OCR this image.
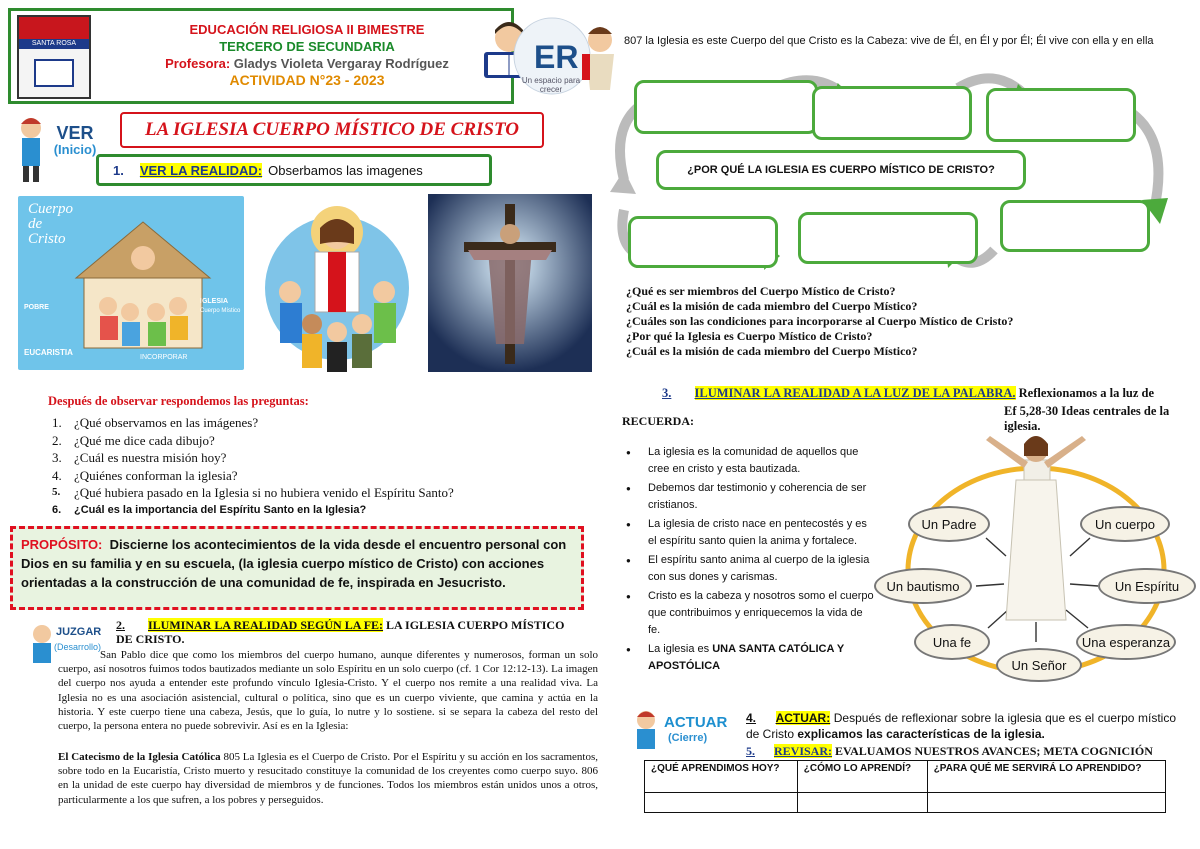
SANTA ROSA
EDUCACIÓN RELIGIOSA II BIMESTRE
TERCERO DE SECUNDARIA
Profesora: Gladys Violeta Vergaray Rodríguez
ACTIVIDAD N°23 - 2023
ER
Un espacio para crecer
VER
(Inicio)
LA IGLESIA CUERPO MÍSTICO DE CRISTO
1. VER LA REALIDAD: Obserbamos las imagenes
Cuerpo
de
Cristo
POBRE
IGLESIA
Cuerpo Místico
EUCARISTIA
INCORPORAR
Después de observar respondemos las preguntas:
1. ¿Qué observamos en las imágenes?
2. ¿Qué me dice cada dibujo?
3. ¿Cuál es nuestra misión hoy?
4. ¿Quiénes conforman la iglesia?
5.	¿Qué hubiera pasado en la Iglesia si no hubiera venido el Espíritu Santo?
6.	¿Cuál es la importancia del Espíritu Santo en la Iglesia?
PROPÓSITO: Discierne los acontecimientos de la vida desde el encuentro personal con Dios en su familia y en su escuela, (la iglesia cuerpo místico de Cristo) con acciones orientadas a la construcción de una comunidad de fe, inspirada en Jesucristo.
JUZGAR
(Desarrollo)
2. ILUMINAR LA REALIDAD SEGÚN LA FE: LA IGLESIA CUERPO MÍSTICO
DE CRISTO.
San Pablo dice que como los miembros del cuerpo humano, aunque diferentes y numerosos, forman un solo cuerpo, así nosotros fuimos todos bautizados mediante un solo Espíritu en un solo cuerpo (cf. 1 Cor 12:12-13). La imagen del cuerpo nos ayuda a entender este profundo vínculo Iglesia-Cristo. Y el cuerpo nos remite a una realidad viva. La Iglesia no es una asociación asistencial, cultural o política, sino que es un cuerpo viviente, que camina y actúa en la historia. Y este cuerpo tiene una cabeza, Jesús, que lo guía, lo nutre y lo sostiene. si se separa la cabeza del resto del cuerpo, la persona entera no puede sobrevivir. Así es en la Iglesia:
El Catecismo de la Iglesia Católica 805 La Iglesia es el Cuerpo de Cristo. Por el Espíritu y su acción en los sacramentos, sobre todo en la Eucaristía, Cristo muerto y resucitado constituye la comunidad de los creyentes como cuerpo suyo. 806 en la unidad de este cuerpo hay diversidad de miembros y de funciones. Todos los miembros están unidos unos a otros, particularmente a los que sufren, a los pobres y perseguidos.
807 la Iglesia es este Cuerpo del que Cristo es la Cabeza: vive de Él, en Él y por Él; Él vive con ella y en ella
¿POR QUÉ LA IGLESIA ES CUERPO MÍSTICO DE CRISTO?
¿Qué es ser miembros del Cuerpo Místico de Cristo?
¿Cuál es la misión de cada miembro del Cuerpo Místico?
¿Cuáles son las condiciones para incorporarse al Cuerpo Místico de Cristo?
¿Por qué la Iglesia es Cuerpo Místico de Cristo?
¿Cuál es la misión de cada miembro del Cuerpo Místico?
3. ILUMINAR LA REALIDAD A LA LUZ DE LA PALABRA. Reflexionamos a la luz de
Ef 5,28-30 Ideas centrales de la iglesia.
RECUERDA:
● La iglesia es la comunidad de aquellos que cree en cristo y esta bautizada.
● Debemos dar testimonio y coherencia de ser cristianos.
● La iglesia de cristo nace en pentecostés y es el espíritu santo quien la anima y fortalece.
● El espíritu santo anima al cuerpo de la iglesia con sus dones y carismas.
● Cristo es la cabeza y nosotros somo el cuerpo que contribuimos y enriquecemos la vida de fe.
● La iglesia es UNA SANTA CATÓLICA Y APOSTÓLICA
Un Padre	Un cuerpo
Un bautismo	Un Espíritu
Una fe	Una esperanza
Un Señor
ACTUAR
(Cierre)
4. ACTUAR: Después de reflexionar sobre la iglesia que es el cuerpo místico de Cristo explicamos las características de la iglesia.
5. REVISAR: EVALUAMOS NUESTROS AVANCES; META COGNICIÓN
¿QUÉ APRENDIMOS HOY?	¿CÓMO LO APRENDÍ?	¿PARA QUÉ ME SERVIRÁ LO APRENDIDO?
